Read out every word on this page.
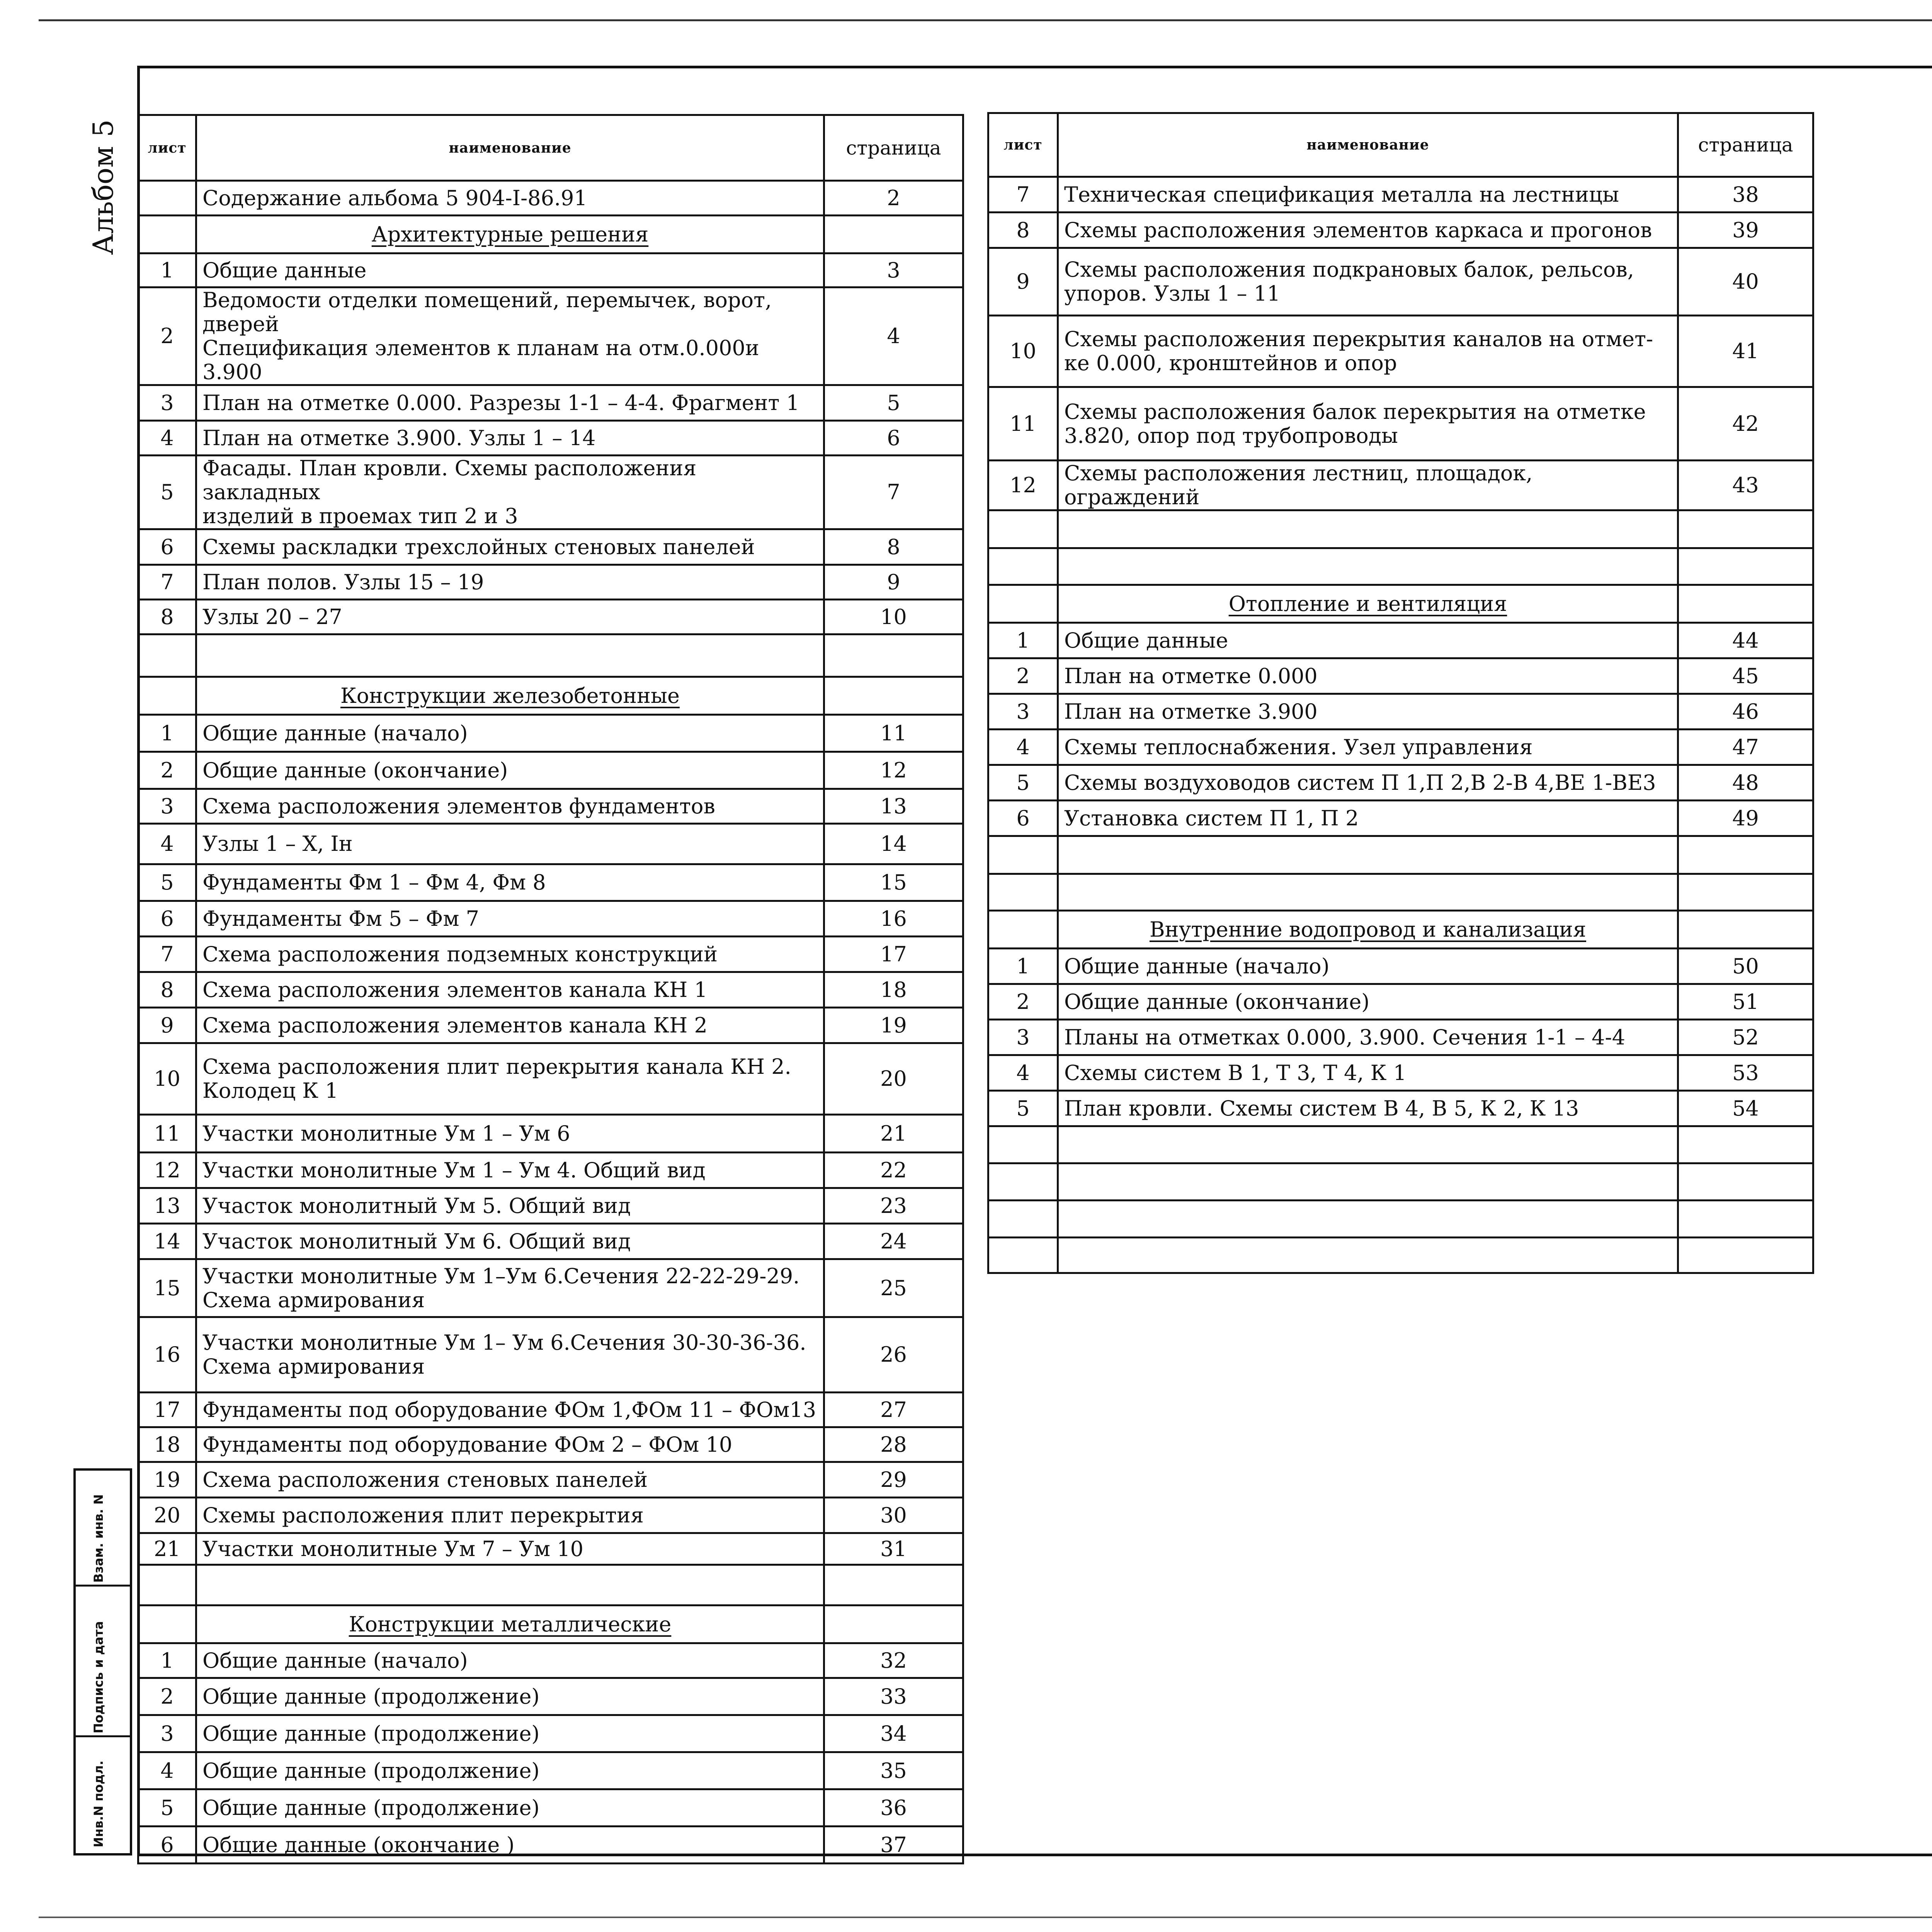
Альбом 5
Взам. инв. N
Подпись и дата
Инв.N подл.
лист	наименование	страница
	Содержание альбома 5 904-I-86.91	2
	Архитектурные решения	
1	Общие данные	3
2	Ведомости отделки помещений, перемычек, ворот, дверей
Спецификация элементов к планам на отм.0.000и 3.900	4
3	План на отметке 0.000. Разрезы 1-1 – 4-4. Фрагмент 1	5
4	План на отметке 3.900. Узлы 1 – 14	6
5	Фасады. План кровли. Схемы расположения закладных
изделий в проемах тип 2 и 3	7
6	Схемы раскладки трехслойных стеновых панелей	8
7	План полов. Узлы 15 – 19	9
8	Узлы 20 – 27	10

	Конструкции железобетонные	
1	Общие данные (начало)	11
2	Общие данные (окончание)	12
3	Схема расположения элементов фундаментов	13
4	Узлы 1 – X, Iн	14
5	Фундаменты Фм 1 – Фм 4, Фм 8	15
6	Фундаменты Фм 5 – Фм 7	16
7	Схема расположения подземных конструкций	17
8	Схема расположения элементов канала КН 1	18
9	Схема расположения элементов канала КН 2	19
10	Схема расположения плит перекрытия канала КН 2.
Колодец К 1	20
11	Участки монолитные Ум 1 – Ум 6	21
12	Участки монолитные Ум 1 – Ум 4. Общий вид	22
13	Участок монолитный Ум 5. Общий вид	23
14	Участок монолитный Ум 6. Общий вид	24
15	Участки монолитные Ум 1–Ум 6.Сечения 22-22-29-29.
Схема армирования	25
16	Участки монолитные Ум 1– Ум 6.Сечения 30-30-36-36.
Схема армирования	26
17	Фундаменты под оборудование ФОм 1,ФОм 11 – ФОм13	27
18	Фундаменты под оборудование ФОм 2 – ФОм 10	28
19	Схема расположения стеновых панелей	29
20	Схемы расположения плит перекрытия	30
21	Участки монолитные Ум 7 – Ум 10	31

	Конструкции металлические	
1	Общие данные (начало)	32
2	Общие данные (продолжение)	33
3	Общие данные (продолжение)	34
4	Общие данные (продолжение)	35
5	Общие данные (продолжение)	36
6	Общие данные (окончание )	37
лист	наименование	страница
7	Техническая спецификация металла на лестницы	38
8	Схемы расположения элементов каркаса и прогонов	39
9	Схемы расположения подкрановых балок, рельсов,
упоров. Узлы 1 – 11	40
10	Схемы расположения перекрытия каналов на отмет-
ке 0.000, кронштейнов и опор	41
11	Схемы расположения балок перекрытия на отметке
3.820, опор под трубопроводы	42
12	Схемы расположения лестниц, площадок, ограждений	43

	Отопление и вентиляция	
1	Общие данные	44
2	План на отметке 0.000	45
3	План на отметке 3.900	46
4	Схемы теплоснабжения. Узел управления	47
5	Схемы воздуховодов систем П 1,П 2,В 2-В 4,ВЕ 1-ВЕ3	48
6	Установка систем П 1, П 2	49

	Внутренние водопровод и канализация	
1	Общие данные (начало)	50
2	Общие данные (окончание)	51
3	Планы на отметках 0.000, 3.900. Сечения 1-1 – 4-4	52
4	Схемы систем В 1, Т 3, Т 4, К 1	53
5	План кровли. Схемы систем В 4, В 5, К 2, К 13	54
